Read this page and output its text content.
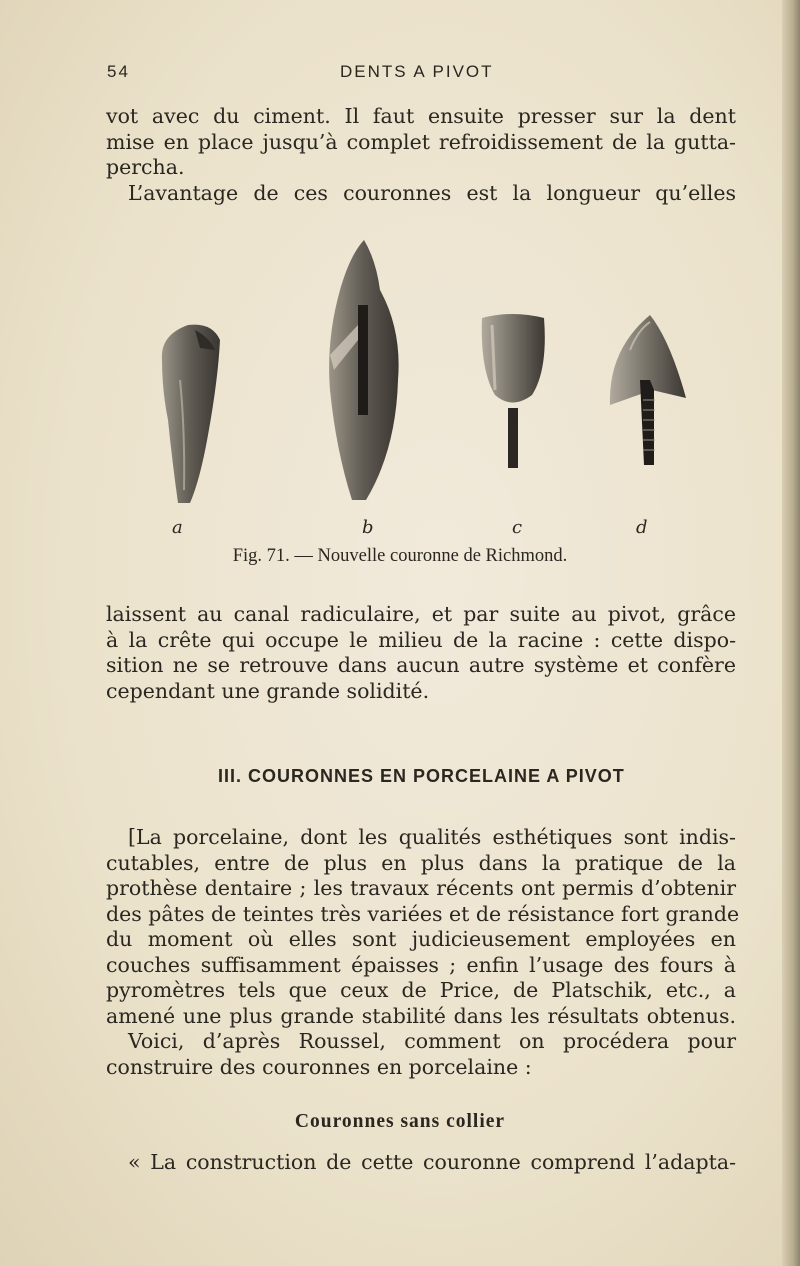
54	DENTS A PIVOT

vot avec du ciment. Il faut ensuite presser sur la dent
mise en place jusqu’à complet refroidissement de la gutta-
percha.
L’avantage de ces couronnes est la longueur qu’elles

a	b	c	d
Fig. 71. — Nouvelle couronne de Richmond.

laissent au canal radiculaire, et par suite au pivot, grâce
à la crête qui occupe le milieu de la racine : cette dispo-
sition ne se retrouve dans aucun autre système et confère
cependant une grande solidité.

III. COURONNES EN PORCELAINE A PIVOT

[La porcelaine, dont les qualités esthétiques sont indis-
cutables, entre de plus en plus dans la pratique de la
prothèse dentaire ; les travaux récents ont permis d’obtenir
des pâtes de teintes très variées et de résistance fort grande
du moment où elles sont judicieusement employées en
couches suffisamment épaisses ; enfin l’usage des fours à
pyromètres tels que ceux de Price, de Platschik, etc., a
amené une plus grande stabilité dans les résultats obtenus.
Voici, d’après Roussel, comment on procédera pour
construire des couronnes en porcelaine :

Couronnes sans collier

« La construction de cette couronne comprend l’adapta-
